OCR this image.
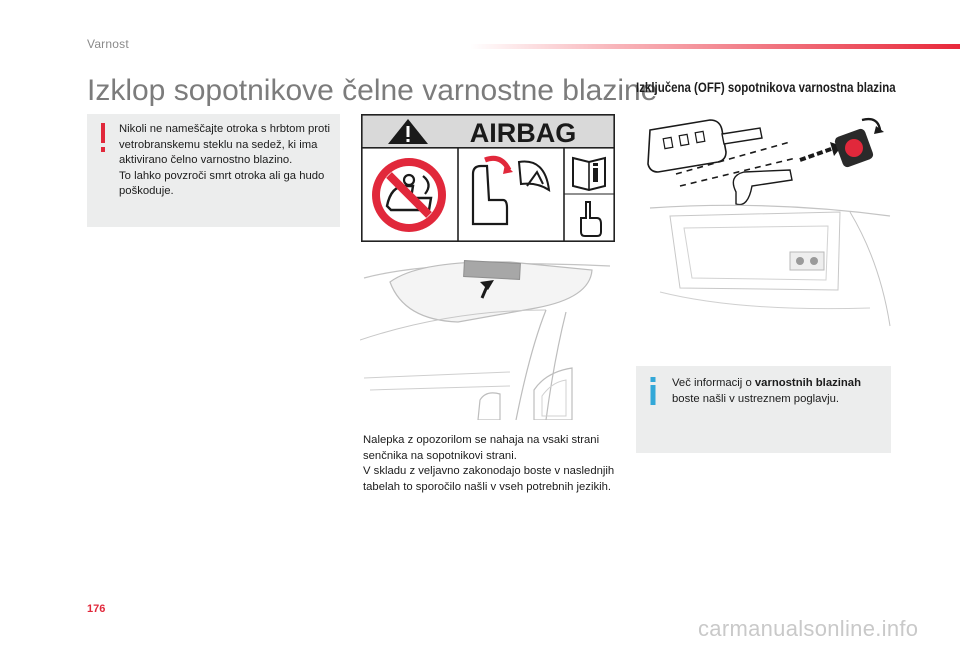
Varnost
Izklop sopotnikove čelne varnostne blazine
Izključena (OFF) sopotnikova varnostna blazina
Nikoli ne nameščajte otroka s hrbtom proti vetrobranskemu steklu na sedež, ki ima aktivirano čelno varnostno blazino.
To lahko povzroči smrt otroka ali ga hudo poškoduje.
AIRBAG
Nalepka z opozorilom se nahaja na vsaki strani senčnika na sopotnikovi strani.
V skladu z veljavno zakonodajo boste v naslednjih tabelah to sporočilo našli v vseh potrebnih jezikih.
Več informacij o varnostnih blazinah boste našli v ustreznem poglavju.
176
carmanualsonline.info
